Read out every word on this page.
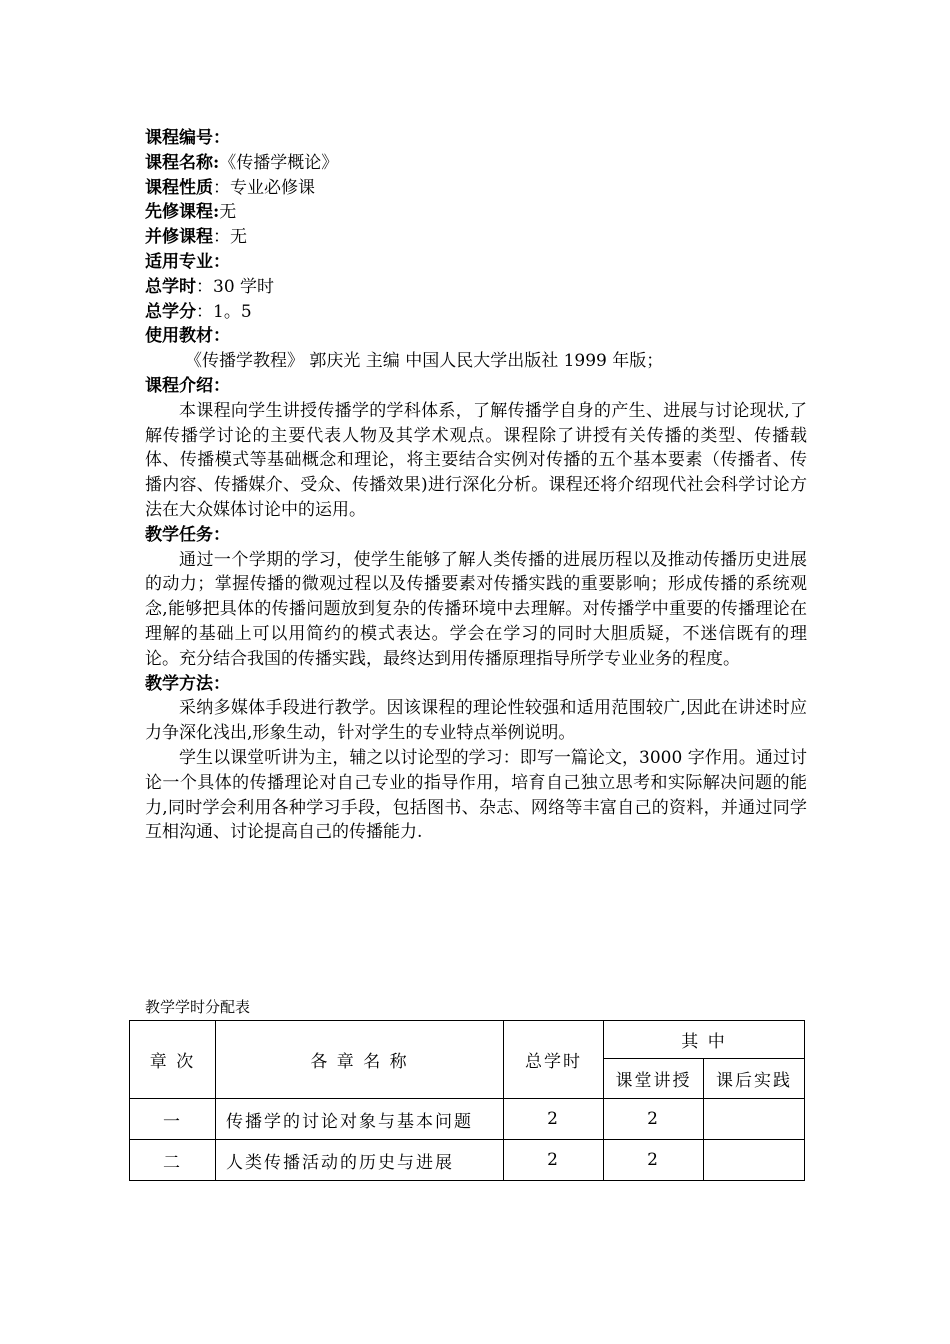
课程编号：
课程名称:《传播学概论》
课程性质：专业必修课
先修课程:无
并修课程：无
适用专业：
总学时：30 学时
总学分：1。5
使用教材：
《传播学教程》 郭庆光 主编 中国人民大学出版社 1999 年版；
课程介绍：

本课程向学生讲授传播学的学科体系，了解传播学自身的产生、进展与讨论现状,了解传播学讨论的主要代表人物及其学术观点。课程除了讲授有关传播的类型、传播载体、传播模式等基础概念和理论，将主要结合实例对传播的五个基本要素（传播者、传播内容、传播媒介、受众、传播效果)进行深化分析。课程还将介绍现代社会科学讨论方法在大众媒体讨论中的运用。

教学任务：

通过一个学期的学习，使学生能够了解人类传播的进展历程以及推动传播历史进展的动力；掌握传播的微观过程以及传播要素对传播实践的重要影响；形成传播的系统观念,能够把具体的传播问题放到复杂的传播环境中去理解。对传播学中重要的传播理论在理解的基础上可以用简约的模式表达。学会在学习的同时大胆质疑，不迷信既有的理论。充分结合我国的传播实践，最终达到用传播原理指导所学专业业务的程度。

教学方法：

采纳多媒体手段进行教学。因该课程的理论性较强和适用范围较广,因此在讲述时应力争深化浅出,形象生动，针对学生的专业特点举例说明。

学生以课堂听讲为主，辅之以讨论型的学习：即写一篇论文，3000 字作用。通过讨论一个具体的传播理论对自己专业的指导作用，培育自己独立思考和实际解决问题的能力,同时学会利用各种学习手段，包括图书、杂志、网络等丰富自己的资料，并通过同学互相沟通、讨论提高自己的传播能力.

教学学时分配表
章 次	各 章 名 称	总学时	其 中	
			课堂讲授	课后实践
一	传播学的讨论对象与基本问题	2	2	
二	人类传播活动的历史与进展	2	2	
